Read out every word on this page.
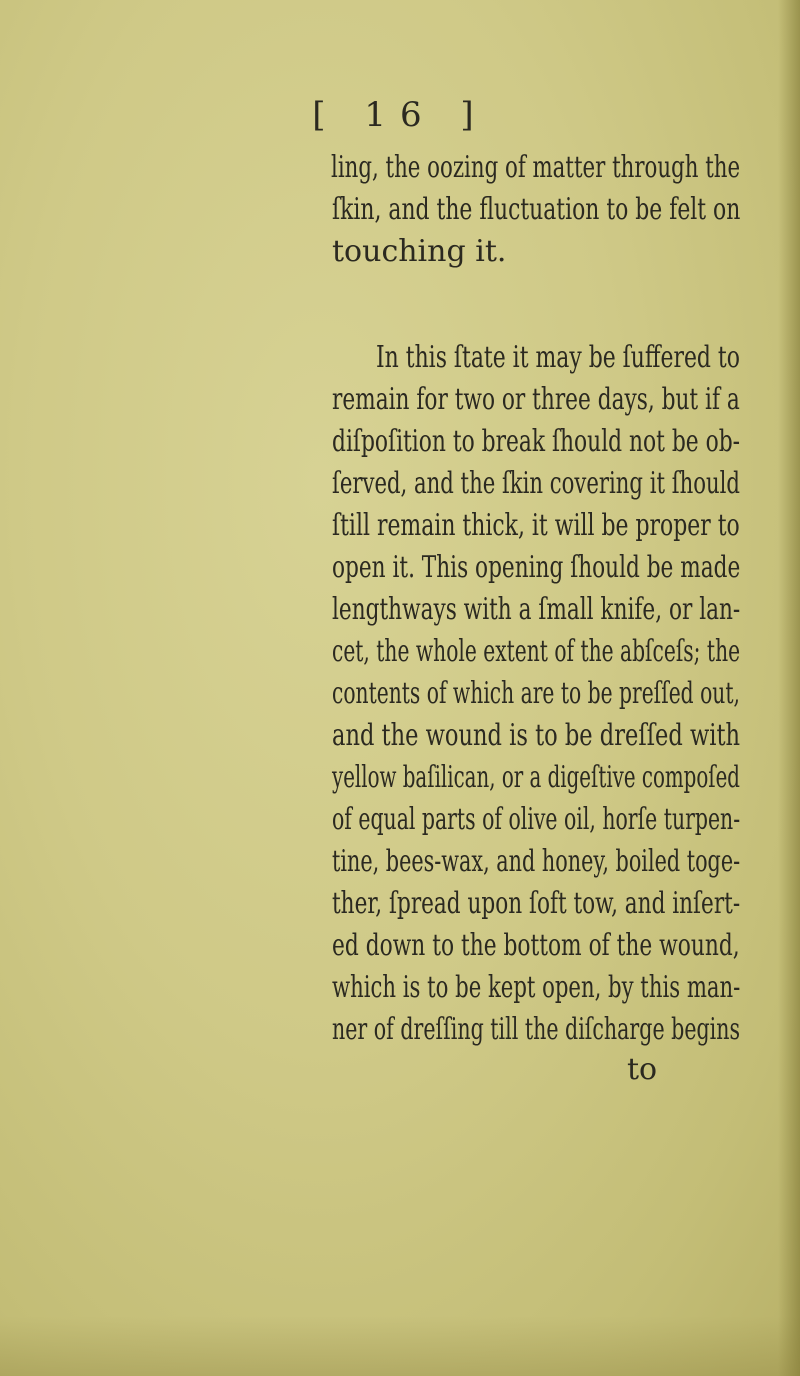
[ 16 ]
ling, the oozing of matter through the
ſkin, and the fluctuation to be felt on
touching it.
In this ſtate it may be ſuffered to
remain for two or three days, but if a
diſpoſition to break ſhould not be ob-
ſerved, and the ſkin covering it ſhould
ſtill remain thick, it will be proper to
open it. This opening ſhould be made
lengthways with a ſmall knife, or lan-
cet, the whole extent of the abſceſs; the
contents of which are to be preſſed out,
and the wound is to be dreſſed with
yellow baſilican, or a digeſtive compoſed
of equal parts of olive oil, horſe turpen-
tine, bees-wax, and honey, boiled toge-
ther, ſpread upon ſoft tow, and inſert-
ed down to the bottom of the wound,
which is to be kept open, by this man-
ner of dreſſing till the diſcharge begins
to
